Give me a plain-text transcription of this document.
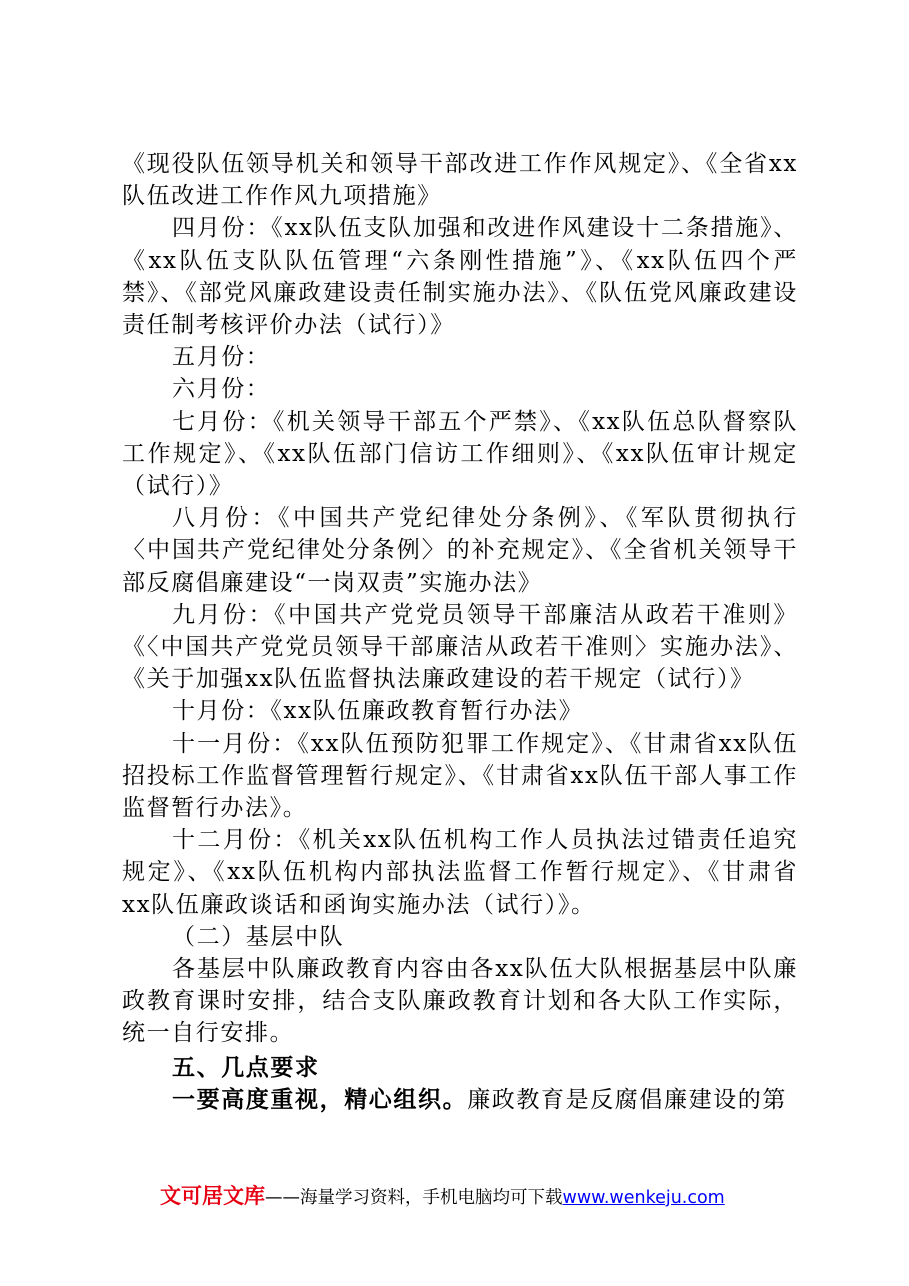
《现役队伍领导机关和领导干部改进工作作风规定》、《全省xx队伍改进工作作风九项措施》

四月份：《xx队伍支队加强和改进作风建设十二条措施》、《xx队伍支队队伍管理“六条刚性措施”》、《xx队伍四个严禁》、《部党风廉政建设责任制实施办法》、《队伍党风廉政建设责任制考核评价办法（试行）》

五月份：

六月份：

七月份：《机关领导干部五个严禁》、《xx队伍总队督察队工作规定》、《xx队伍部门信访工作细则》、《xx队伍审计规定（试行）》

八月份：《中国共产党纪律处分条例》、《军队贯彻执行〈中国共产党纪律处分条例〉的补充规定》、《全省机关领导干部反腐倡廉建设“一岗双责”实施办法》

九月份：《中国共产党党员领导干部廉洁从政若干准则》《〈中国共产党党员领导干部廉洁从政若干准则〉实施办法》、《关于加强xx队伍监督执法廉政建设的若干规定（试行）》

十月份：《xx队伍廉政教育暂行办法》

十一月份：《xx队伍预防犯罪工作规定》、《甘肃省xx队伍招投标工作监督管理暂行规定》、《甘肃省xx队伍干部人事工作监督暂行办法》。

十二月份：《机关xx队伍机构工作人员执法过错责任追究规定》、《xx队伍机构内部执法监督工作暂行规定》、《甘肃省xx队伍廉政谈话和函询实施办法（试行）》。

（二）基层中队

各基层中队廉政教育内容由各xx队伍大队根据基层中队廉政教育课时安排，结合支队廉政教育计划和各大队工作实际，统一自行安排。

五、几点要求

一要高度重视，精心组织。廉政教育是反腐倡廉建设的第

文可居文库——海量学习资料，手机电脑均可下载www.wenkeju.com
